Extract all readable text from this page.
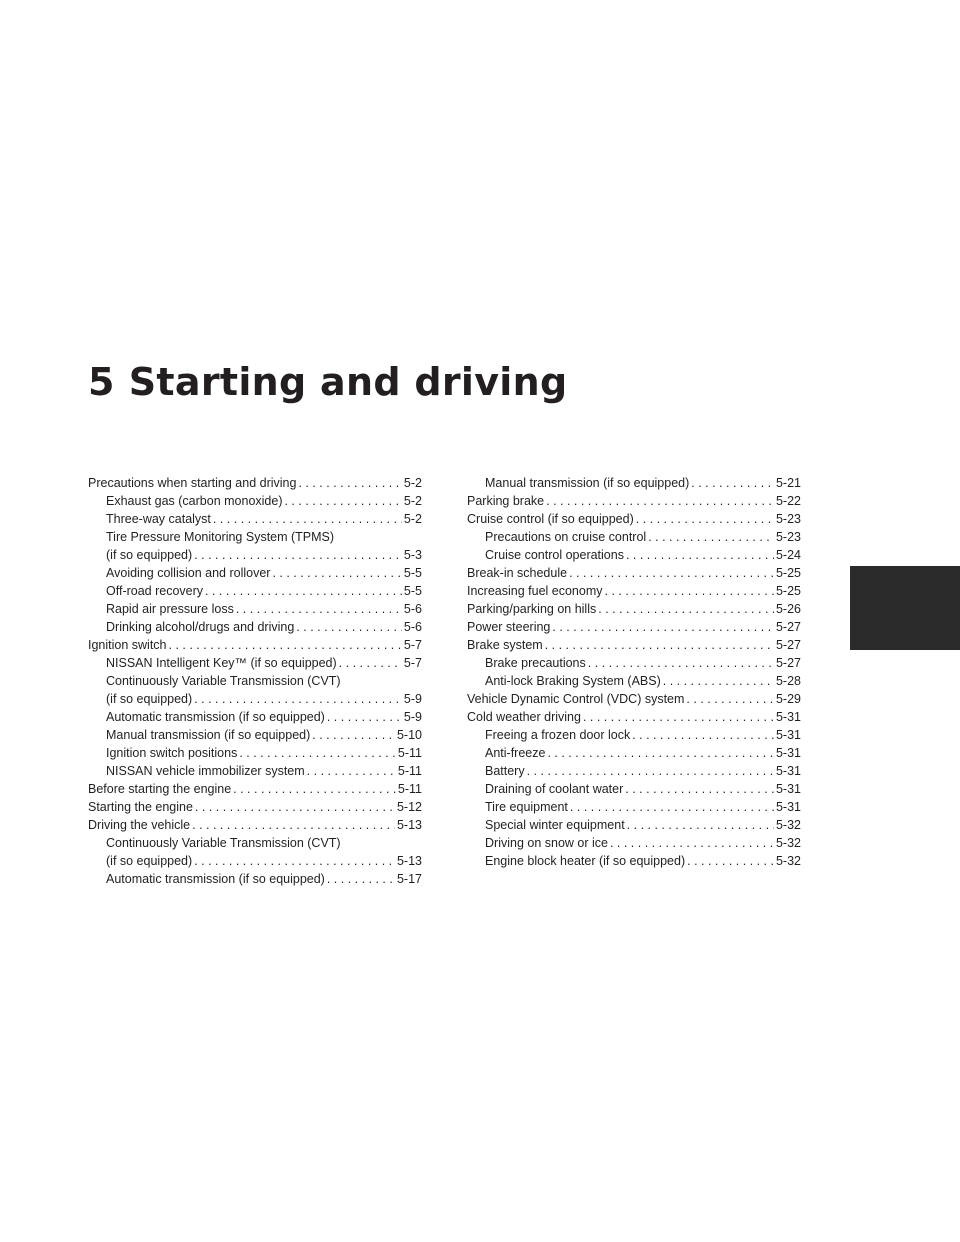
5 Starting and driving
Precautions when starting and driving . . .	5-2
Exhaust gas (carbon monoxide) . . .	5-2
Three-way catalyst . . .	5-2
Tire Pressure Monitoring System (TPMS)
(if so equipped) . . .	5-3
Avoiding collision and rollover . . .	5-5
Off-road recovery . . .	5-5
Rapid air pressure loss . . .	5-6
Drinking alcohol/drugs and driving . . .	5-6
Ignition switch . . .	5-7
NISSAN Intelligent Key™ (if so equipped) . . .	5-7
Continuously Variable Transmission (CVT)
(if so equipped) . . .	5-9
Automatic transmission (if so equipped) . . .	5-9
Manual transmission (if so equipped) . . .	5-10
Ignition switch positions . . .	5-11
NISSAN vehicle immobilizer system . . .	5-11
Before starting the engine . . .	5-11
Starting the engine . . .	5-12
Driving the vehicle . . .	5-13
Continuously Variable Transmission (CVT)
(if so equipped) . . .	5-13
Automatic transmission (if so equipped) . . .	5-17
Manual transmission (if so equipped) . . .	5-21
Parking brake . . .	5-22
Cruise control (if so equipped) . . .	5-23
Precautions on cruise control . . .	5-23
Cruise control operations . . .	5-24
Break-in schedule . . .	5-25
Increasing fuel economy . . .	5-25
Parking/parking on hills . . .	5-26
Power steering . . .	5-27
Brake system . . .	5-27
Brake precautions . . .	5-27
Anti-lock Braking System (ABS) . . .	5-28
Vehicle Dynamic Control (VDC) system . . .	5-29
Cold weather driving . . .	5-31
Freeing a frozen door lock . . .	5-31
Anti-freeze . . .	5-31
Battery . . .	5-31
Draining of coolant water . . .	5-31
Tire equipment . . .	5-31
Special winter equipment . . .	5-32
Driving on snow or ice . . .	5-32
Engine block heater (if so equipped) . . .	5-32
